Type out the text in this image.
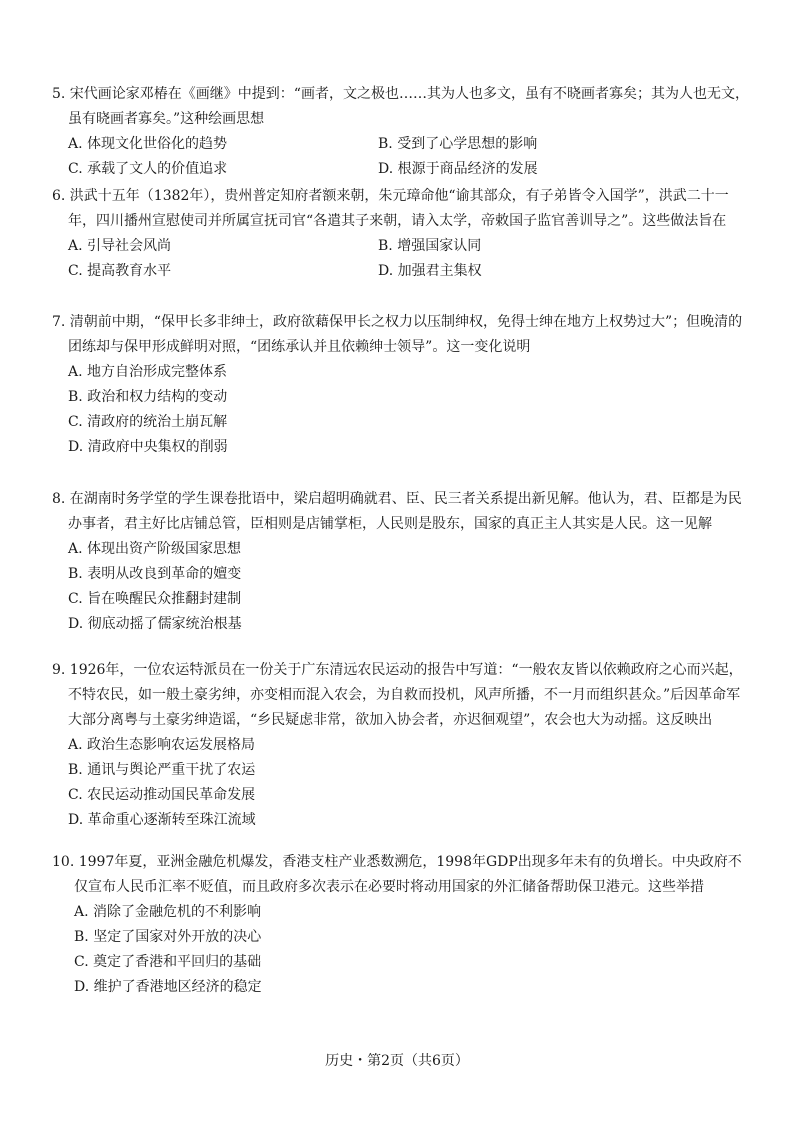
5. 宋代画论家邓椿在《画继》中提到：“画者，文之极也……其为人也多文，虽有不晓画者寡矣；其为人也无文，虽有晓画者寡矣。”这种绘画思想

A. 体现文化世俗化的趋势	B. 受到了心学思想的影响
C. 承载了文人的价值追求	D. 根源于商品经济的发展

6. 洪武十五年（1382年），贵州普定知府者额来朝，朱元璋命他“谕其部众，有子弟皆令入国学”，洪武二十一年，四川播州宣慰使司并所属宣抚司官“各遣其子来朝，请入太学，帝敕国子监官善训导之”。这些做法旨在

A. 引导社会风尚	B. 增强国家认同
C. 提高教育水平	D. 加强君主集权

7. 清朝前中期，“保甲长多非绅士，政府欲藉保甲长之权力以压制绅权，免得士绅在地方上权势过大”；但晚清的团练却与保甲形成鲜明对照，“团练承认并且依赖绅士领导”。这一变化说明

A. 地方自治形成完整体系
B. 政治和权力结构的变动
C. 清政府的统治土崩瓦解
D. 清政府中央集权的削弱

8. 在湖南时务学堂的学生课卷批语中，梁启超明确就君、臣、民三者关系提出新见解。他认为，君、臣都是为民办事者，君主好比店铺总管，臣相则是店铺掌柜，人民则是股东，国家的真正主人其实是人民。这一见解

A. 体现出资产阶级国家思想
B. 表明从改良到革命的嬗变
C. 旨在唤醒民众推翻封建制
D. 彻底动摇了儒家统治根基

9. 1926年，一位农运特派员在一份关于广东清远农民运动的报告中写道：“一般农友皆以依赖政府之心而兴起，不特农民，如一般土豪劣绅，亦变相而混入农会，为自救而投机，风声所播，不一月而组织甚众。”后因革命军大部分离粤与土豪劣绅造谣，“乡民疑虑非常，欲加入协会者，亦迟徊观望”，农会也大为动摇。这反映出

A. 政治生态影响农运发展格局
B. 通讯与舆论严重干扰了农运
C. 农民运动推动国民革命发展
D. 革命重心逐渐转至珠江流域

10. 1997年夏，亚洲金融危机爆发，香港支柱产业悉数溯危，1998年GDP出现多年未有的负增长。中央政府不仅宣布人民币汇率不贬值，而且政府多次表示在必要时将动用国家的外汇储备帮助保卫港元。这些举措

A. 消除了金融危机的不利影响
B. 坚定了国家对外开放的决心
C. 奠定了香港和平回归的基础
D. 维护了香港地区经济的稳定
历史・第2页（共6页）
